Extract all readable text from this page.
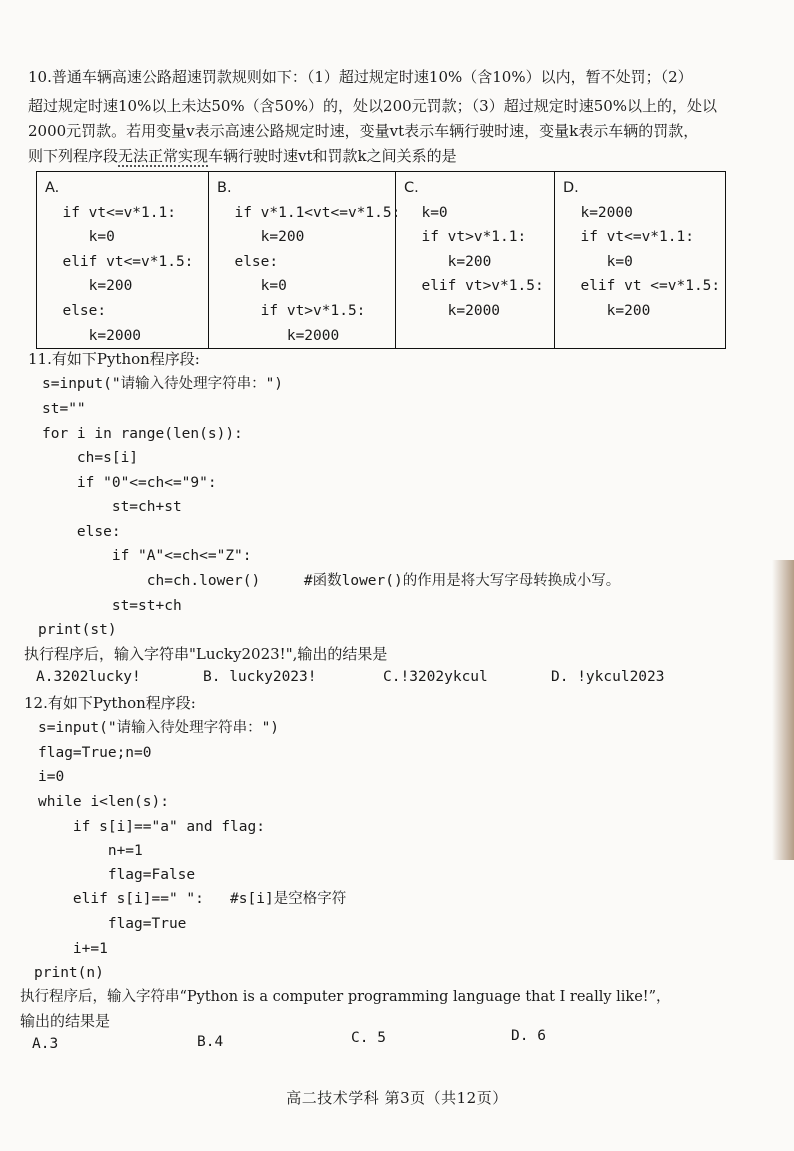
10.普通车辆高速公路超速罚款规则如下：（1）超过规定时速10%（含10%）以内，暂不处罚；（2）
超过规定时速10%以上未达50%（含50%）的，处以200元罚款；（3）超过规定时速50%以上的，处以
2000元罚款。若用变量v表示高速公路规定时速，变量vt表示车辆行驶时速，变量k表示车辆的罚款，
则下列程序段无法正常实现车辆行驶时速vt和罚款k之间关系的是
A.
if vt<=v*1.1:
k=0
elif vt<=v*1.5:
k=200
else:
k=2000

B.
if v*1.1<vt<=v*1.5:
k=200
else:
k=0
if vt>v*1.5:
k=2000

C.
k=0
if vt>v*1.1:
k=200
elif vt>v*1.5:
k=2000

D.
k=2000
if vt<=v*1.1:
k=0
elif vt <=v*1.5:
k=200
11.有如下Python程序段:
s=input("请输入待处理字符串：")
st=""
for i in range(len(s)):
ch=s[i]
if "0"<=ch<="9":
st=ch+st
else:
if "A"<=ch<="Z":
ch=ch.lower()     #函数lower()的作用是将大写字母转换成小写。
st=st+ch
print(st)
执行程序后，输入字符串"Lucky2023!",输出的结果是
A.3202lucky!	B. lucky2023!	C.!3202ykcul	D. !ykcul2023
12.有如下Python程序段:
s=input("请输入待处理字符串：")
flag=True;n=0
i=0
while i<len(s):
if s[i]=="a" and flag:
n+=1
flag=False
elif s[i]==" ":   #s[i]是空格字符
flag=True
i+=1
print(n)
执行程序后，输入字符串“Python is a computer programming language that I really like!”，
输出的结果是
A.3	B.4	C. 5	D. 6
高二技术学科 第3页（共12页）
